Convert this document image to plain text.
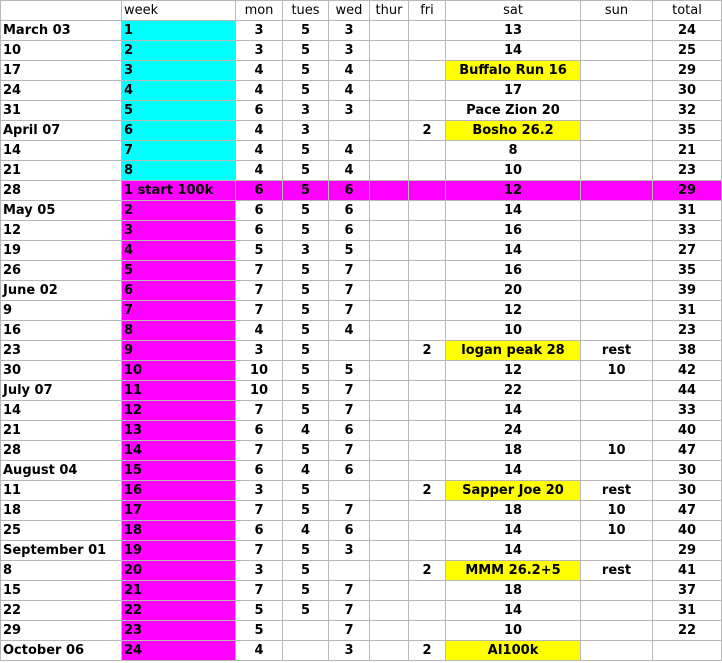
	week	mon	tues	wed	thur	fri	sat	sun	total
March 03	1	3	5	3			13		24
10	2	3	5	3			14		25
17	3	4	5	4			Buffalo Run 16		29
24	4	4	5	4			17		30
31	5	6	3	3			Pace Zion 20		32
April 07	6	4	3			2	Bosho 26.2		35
14	7	4	5	4			8		21
21	8	4	5	4			10		23
28	1 start 100k	6	5	6			12		29
May 05	2	6	5	6			14		31
12	3	6	5	6			16		33
19	4	5	3	5			14		27
26	5	7	5	7			16		35
June 02	6	7	5	7			20		39
9	7	7	5	7			12		31
16	8	4	5	4			10		23
23	9	3	5			2	logan peak 28	rest	38
30	10	10	5	5			12	10	42
July 07	11	10	5	7			22		44
14	12	7	5	7			14		33
21	13	6	4	6			24		40
28	14	7	5	7			18	10	47
August 04	15	6	4	6			14		30
11	16	3	5			2	Sapper Joe 20	rest	30
18	17	7	5	7			18	10	47
25	18	6	4	6			14	10	40
September 01	19	7	5	3			14		29
8	20	3	5			2	MMM 26.2+5	rest	41
15	21	7	5	7			18		37
22	22	5	5	7			14		31
29	23	5		7			10		22
October 06	24	4		3		2	AI100k		
